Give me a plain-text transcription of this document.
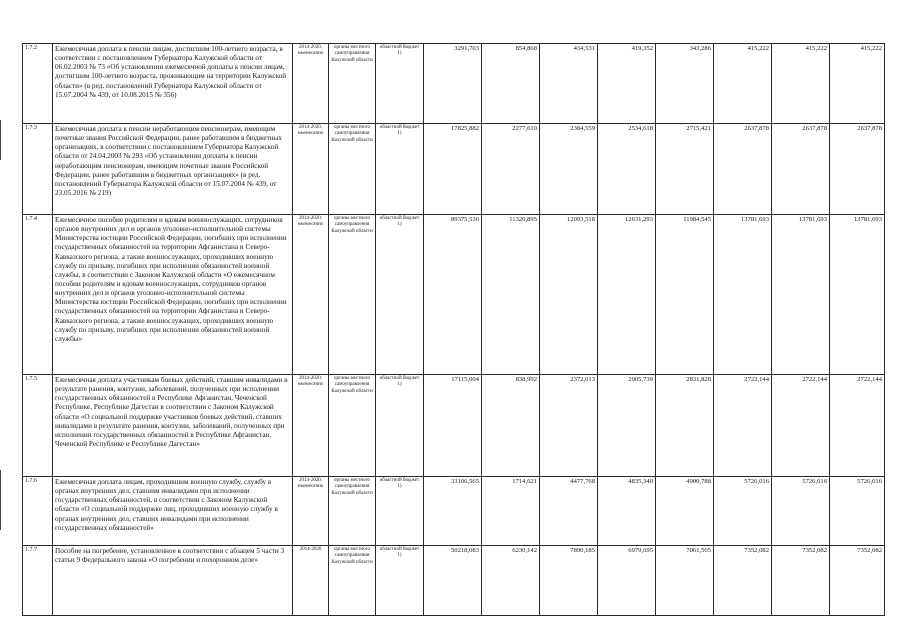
1.7.2	Ежемесячная доплата к пенсии лицам, достигшим 100-летнего возраста, в соответствии с постановлением Губернатора Калужской области от 06.02.2003 № 73 «Об установлении ежемесячной доплаты к пенсии лицам, достигшим 100-летнего возраста, проживающим на территории Калужской области» (в ред. постановлений Губернатора Калужской области от 15.07.2004 № 439, от 10.08.2015 № 356)	2014-2020, ежемесячно	органы местного самоуправления Калужской области	областной бюджет 1)	3291,703	854,868	434,531	419,352	343,286	415,222	415,222	415,222
1.7.3	Ежемесячная доплата к пенсии неработающим пенсионерам, имеющим почетные звания Российской Федерации, ранее работавшим в бюджетных организациях, в соответствии с постановлением Губернатора Калужской области от 24.04.2003 № 293 «Об установлении доплаты к пенсии неработающим пенсионерам, имеющим почетные звания Российской Федерации, ранее работавшим в бюджетных организациях» (в ред. постановлений Губернатора Калужской области от 15.07.2004 № 439, от 23.05.2016 № 219)	2014-2020, ежемесячно	органы местного самоуправления Калужской области	областной бюджет 1)	17825,882	2277,610	2384,559	2534,618	2715,421	2637,878	2637,878	2637,878
1.7.4	Ежемесячное пособие родителям и вдовам военнослужащих, сотрудников органов внутренних дел и органов уголовно-исполнительной системы Министерства юстиции Российской Федерации, погибших при исполнении государственных обязанностей на территории Афганистана и Северо-Кавказского региона, а также военнослужащих, проходивших военную службу по призыву, погибших при исполнении обязанностей военной службы, в соответствии с Законом Калужской области «О ежемесячном пособии родителям и вдовам военнослужащих, сотрудников органов внутренних дел и органов уголовно-исполнительной системы Министерства юстиции Российской Федерации, погибших при исполнении государственных обязанностей на территории Афганистана и Северо-Кавказского региона, а также военнослужащих, проходивших военную службу по призыву, погибших при исполнении обязанностей военной службы»	2014-2020, ежемесячно	органы местного самоуправления Калужской области	областной бюджет 1)	89375,530	11320,895	12093,518	12631,293	11984,545	13781,693	13781,693	13781,693
1.7.5	Ежемесячная доплата участникам боевых действий, ставшим инвалидами в результате ранения, контузии, заболеваний, полученных при исполнении государственных обязанностей в Республике Афганистан, Чеченской Республике, Республике Дагестан в соответствии с Законом Калужской области «О социальной поддержке участников боевых действий, ставших инвалидами в результате ранения, контузии, заболеваний, полученных при исполнении государственных обязанностей в Республике Афганистан, Чеченской Республике и Республике Дагестан»	2014-2020, ежемесячно	органы местного самоуправления Калужской области	областной бюджет 1)	17115,004	838,992	2372,013	2905,739	2831,828	2722,144	2722,144	2722,144
1.7.6	Ежемесячная доплата лицам, проходившим военную службу, службу в органах внутренних дел, ставшим инвалидами при исполнении государственных обязанностей, в соответствии с Законом Калужской области «О социальной поддержке лиц, проходивших военную службу в органах внутренних дел, ставших инвалидами при исполнении государственных обязанностей»	2014-2020, ежемесячно	органы местного самоуправления Калужской области	областной бюджет 1)	33106,565	1714,621	4477,768	4835,340	4900,788	5726,016	5726,016	5726,016
1.7.7	Пособие на погребение, установленное в соответствии с абзацем 5 части 3 статьи 9 Федерального закона «О погребении и похоронном деле»	2014-2020	органы местного самоуправления Калужской области	областной бюджет 1)	50218,083	6230,142	7890,185	6979,695	7061,505	7352,082	7352,082	7352,082
